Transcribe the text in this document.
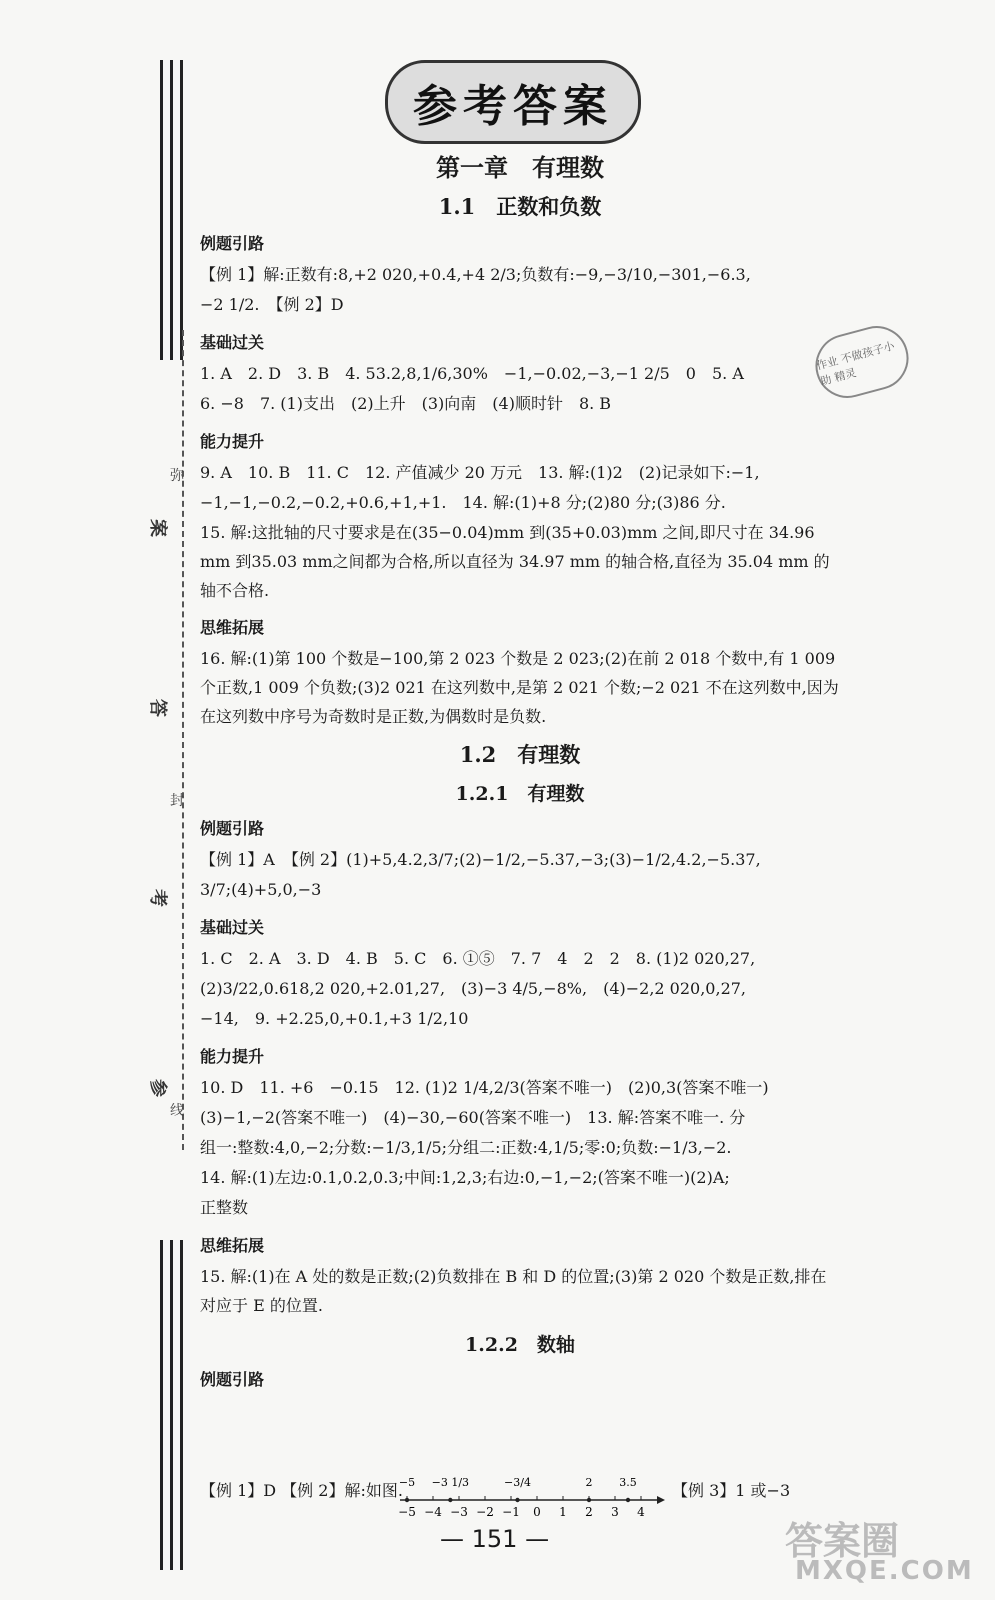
案
答
考
参
弥
封
线
参考答案
作业 不做孩子小助 精灵
第一章　有理数
1.1　正数和负数
例题引路
【例 1】解:正数有:8,+2 020,+0.4,+4 2/3;负数有:−9,−3/10,−301,−6.3,
−2 1/2.　【例 2】D
基础过关
1. A　2. D　3. B　4. 53.2,8,1/6,30%　−1,−0.02,−3,−1 2/5　0　5. A
6. −8　7. (1)支出　(2)上升　(3)向南　(4)顺时针　8. B
能力提升
9. A　10. B　11. C　12. 产值减少 20 万元　13. 解:(1)2　(2)记录如下:−1,
−1,−1,−0.2,−0.2,+0.6,+1,+1.　14. 解:(1)+8 分;(2)80 分;(3)86 分.
15. 解:这批轴的尺寸要求是在(35−0.04)mm 到(35+0.03)mm 之间,即尺寸在 34.96 mm 到35.03 mm之间都为合格,所以直径为 34.97 mm 的轴合格,直径为 35.04 mm 的轴不合格.
思维拓展
16. 解:(1)第 100 个数是−100,第 2 023 个数是 2 023;(2)在前 2 018 个数中,有 1 009个正数,1 009 个负数;(3)2 021 在这列数中,是第 2 021 个数;−2 021 不在这列数中,因为在这列数中序号为奇数时是正数,为偶数时是负数.
1.2　有理数
1.2.1　有理数
例题引路
【例 1】A　【例 2】(1)+5,4.2,3/7;(2)−1/2,−5.37,−3;(3)−1/2,4.2,−5.37,
3/7;(4)+5,0,−3
基础过关
1. C　2. A　3. D　4. B　5. C　6. ①⑤　7. 7　4　2　2　8. (1)2 020,27,
(2)3/22,0.618,2 020,+2.01,27,　(3)−3 4/5,−8%,　(4)−2,2 020,0,27,
−14,　9. +2.25,0,+0.1,+3 1/2,10
能力提升
10. D　11. +6　−0.15　12. (1)2 1/4,2/3(答案不唯一)　(2)0,3(答案不唯一)
(3)−1,−2(答案不唯一)　(4)−30,−60(答案不唯一)　13. 解:答案不唯一. 分
组一:整数:4,0,−2;分数:−1/3,1/5;分组二:正数:4,1/5;零:0;负数:−1/3,−2.
14. 解:(1)左边:0.1,0.2,0.3;中间:1,2,3;右边:0,−1,−2;(答案不唯一)(2)A;
正整数
思维拓展
15. 解:(1)在 A 处的数是正数;(2)负数排在 B 和 D 的位置;(3)第 2 020 个数是正数,排在对应于 E 的位置.
1.2.2　数轴
例题引路
【例 1】D 【例 2】解:如图.
−5 −4 −3 −2 −1 0 1 2 3 4
−5 −3 1/3	−3/4	2 3.5 【例 3】1 或−3
— 151 —	答案圈
MXQE.COM
